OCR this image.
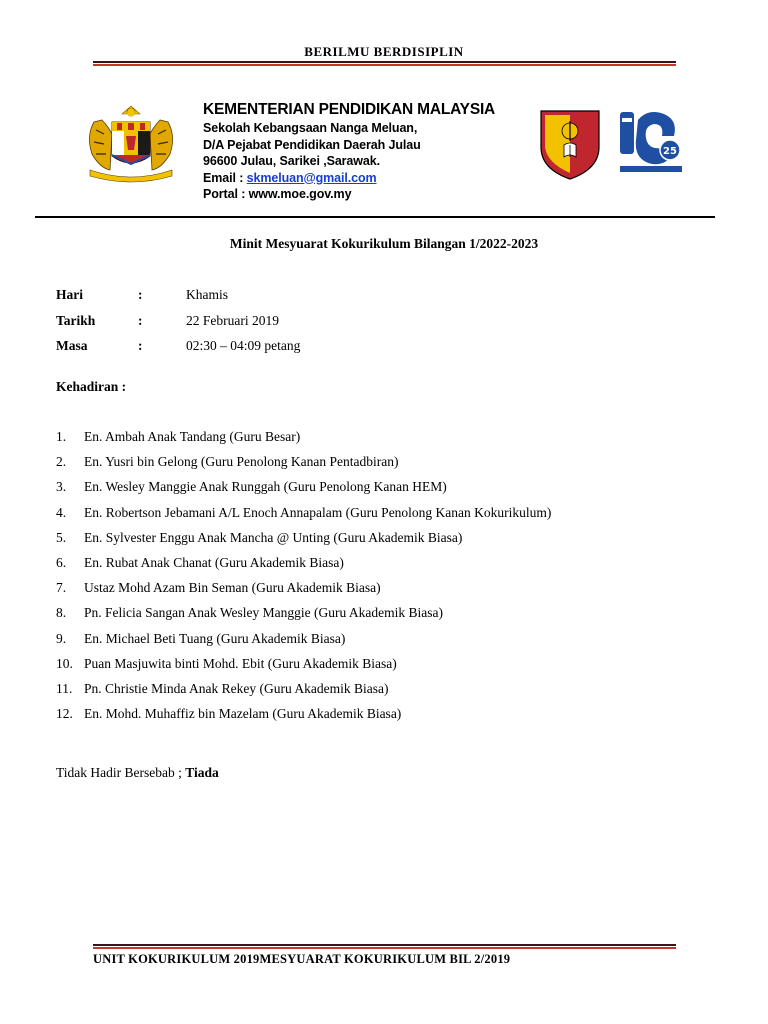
BERILMU BERDISIPLIN
KEMENTERIAN PENDIDIKAN MALAYSIA
Sekolah Kebangsaan Nanga Meluan,
D/A Pejabat Pendidikan Daerah Julau
96600 Julau, Sarikei ,Sarawak.
Email : skmeluan@gmail.com
Portal : www.moe.gov.my
25
Minit Mesyuarat Kokurikulum Bilangan 1/2022-2023
Hari	:	Khamis
Tarikh	:	22 Februari 2019
Masa	:	02:30 – 04:09 petang
Kehadiran :
1. En. Ambah Anak Tandang (Guru Besar)
2. En. Yusri bin Gelong (Guru Penolong Kanan Pentadbiran)
3. En. Wesley Manggie Anak Runggah (Guru Penolong Kanan HEM)
4. En. Robertson Jebamani A/L Enoch Annapalam (Guru Penolong Kanan Kokurikulum)
5. En. Sylvester Enggu Anak Mancha @ Unting (Guru Akademik Biasa)
6. En. Rubat Anak Chanat (Guru Akademik Biasa)
7. Ustaz Mohd Azam Bin Seman (Guru Akademik Biasa)
8. Pn. Felicia Sangan Anak Wesley Manggie (Guru Akademik Biasa)
9. En. Michael Beti Tuang (Guru Akademik Biasa)
10. Puan Masjuwita binti Mohd. Ebit (Guru Akademik Biasa)
11. Pn. Christie Minda Anak Rekey (Guru Akademik Biasa)
12. En. Mohd. Muhaffiz bin Mazelam (Guru Akademik Biasa)
Tidak Hadir Bersebab ; Tiada
UNIT KOKURIKULUM 2019MESYUARAT KOKURIKULUM BIL 2/2019
